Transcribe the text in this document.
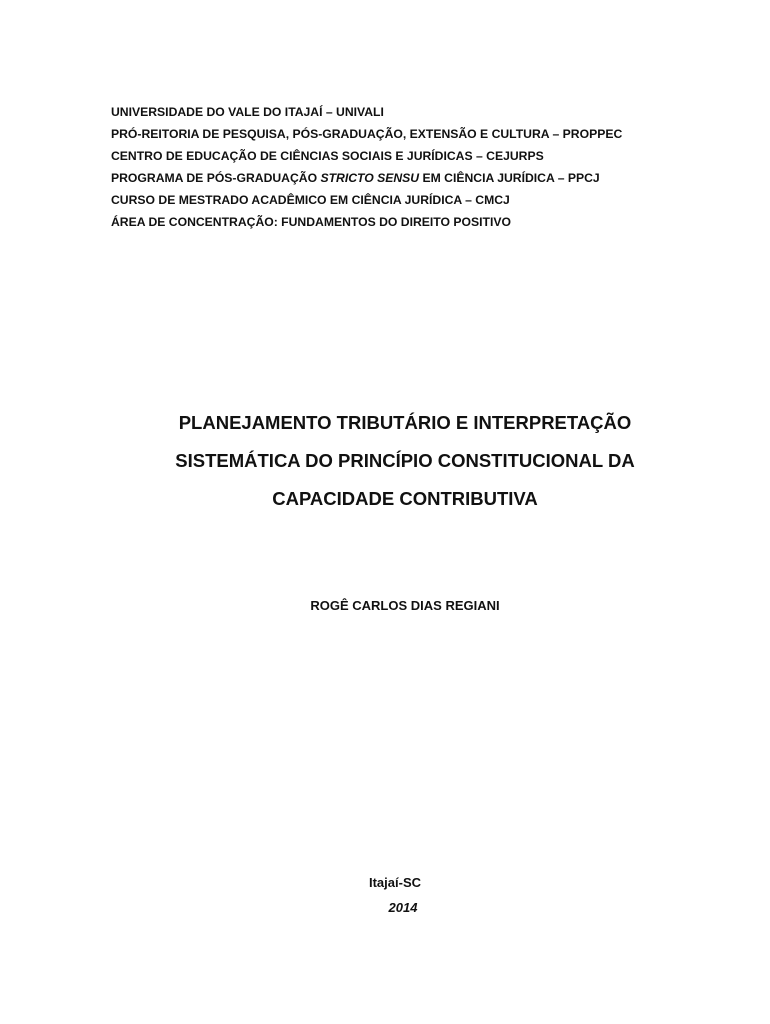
UNIVERSIDADE DO VALE DO ITAJAÍ – UNIVALI
PRÓ-REITORIA DE PESQUISA, PÓS-GRADUAÇÃO, EXTENSÃO E CULTURA – PROPPEC
CENTRO DE EDUCAÇÃO DE CIÊNCIAS SOCIAIS E JURÍDICAS – CEJURPS
PROGRAMA DE PÓS-GRADUAÇÃO STRICTO SENSU EM CIÊNCIA JURÍDICA – PPCJ
CURSO DE MESTRADO ACADÊMICO EM CIÊNCIA JURÍDICA – CMCJ
ÁREA DE CONCENTRAÇÃO: FUNDAMENTOS DO DIREITO POSITIVO
PLANEJAMENTO TRIBUTÁRIO E INTERPRETAÇÃO
SISTEMÁTICA DO PRINCÍPIO CONSTITUCIONAL DA
CAPACIDADE CONTRIBUTIVA
ROGÊ CARLOS DIAS REGIANI
Itajaí-SC
2014
